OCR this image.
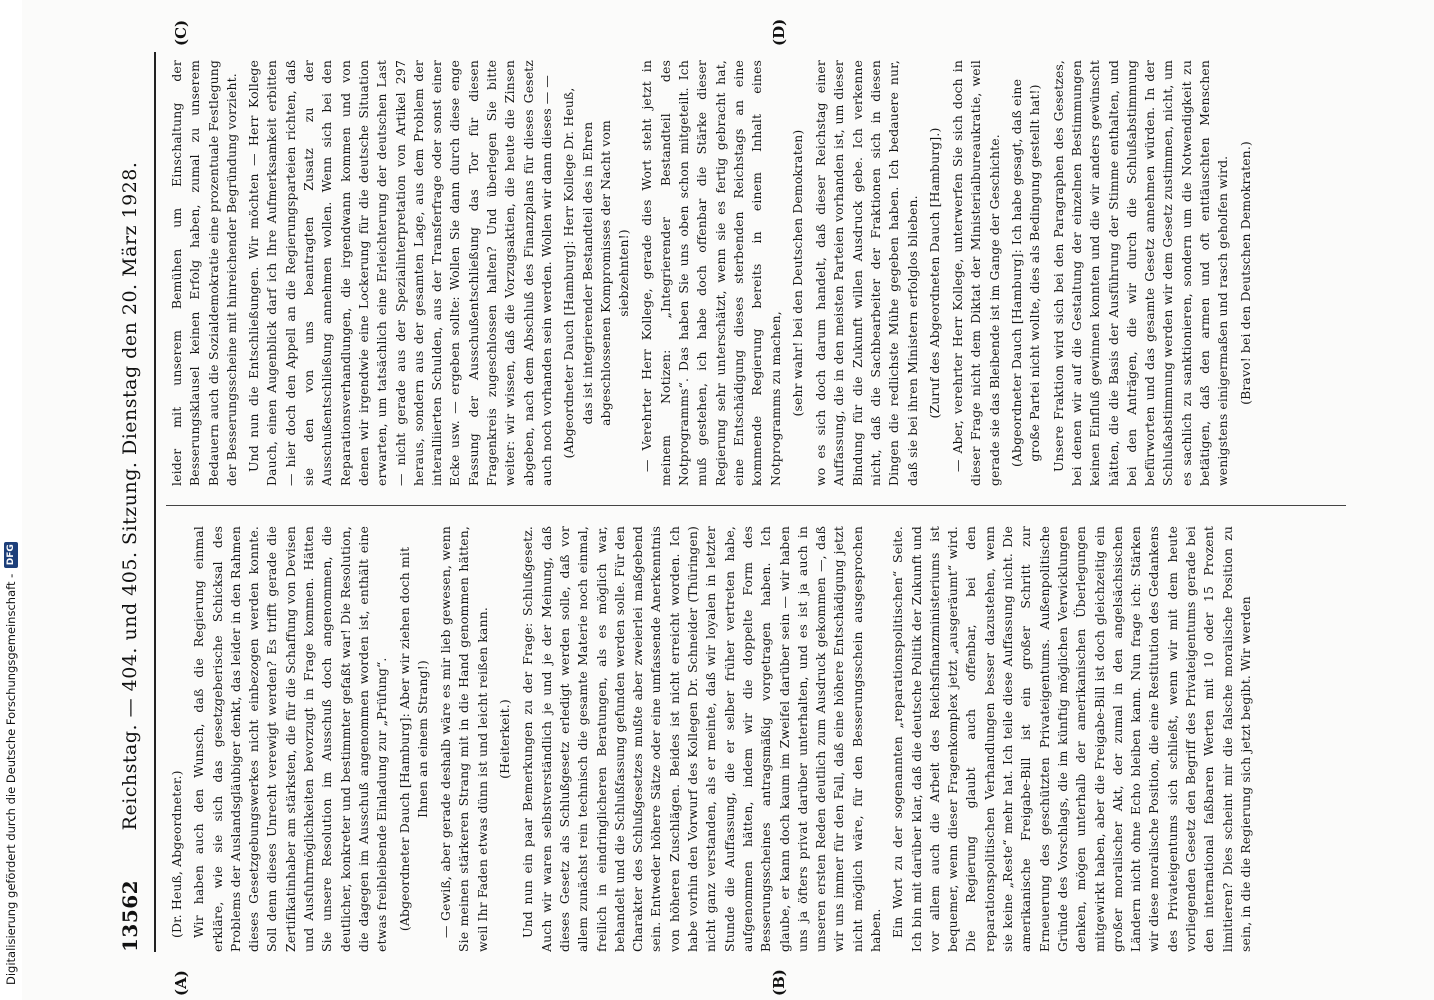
13562
Reichstag. — 404. und 405. Sitzung. Dienstag den 20. März 1928.
(A)	(B)
(C)	(D)

(Dr. Heuß, Abgeordneter.) Wir haben auch den Wunsch, daß die Regierung einmal erkläre, wie sie sich das gesetzgeberische Schicksal des Problems der Auslandsgläubiger denkt, das leider in den Rahmen dieses Gesetzgebungswerkes nicht einbezogen werden konnte. Soll denn dieses Unrecht verewigt werden? Es trifft gerade die Zertifikatinhaber am stärksten, die für die Schaffung von Devisen und Ausfuhrmöglichkeiten bevorzugt in Frage kommen. Hätten Sie unsere Resolution im Ausschuß doch angenommen, die deutlicher, konkreter und bestimmter gefaßt war! Die Resolution, die dagegen im Ausschuß angenommen worden ist, enthält eine etwas freibleibende Einladung zur „Prüfung“. (Abgeordneter Dauch [Hamburg]: Aber wir ziehen doch mit Ihnen an einem Strang!) — Gewiß, aber gerade deshalb wäre es mir lieb gewesen, wenn Sie meinen stärkeren Strang mit in die Hand genommen hätten, weil Ihr Faden etwas dünn ist und leicht reißen kann. (Heiterkeit.) Und nun ein paar Bemerkungen zu der Frage: Schlußgesetz. Auch wir waren selbstverständlich je und je der Meinung, daß dieses Gesetz als Schlußgesetz erledigt werden solle, daß vor allem zunächst rein technisch die gesamte Materie noch einmal, freilich in eindringlicheren Beratungen, als es möglich war, behandelt und die Schlußfassung gefunden werden solle. Für den Charakter des Schlußgesetzes mußte aber zweierlei maßgebend sein. Entweder höhere Sätze oder eine umfassende Anerkenntnis von höheren Zuschlägen. Beides ist nicht erreicht worden. Ich habe vorhin den Vorwurf des Kollegen Dr. Schneider (Thüringen) nicht ganz verstanden, als er meinte, daß wir loyalen in letzter Stunde die Auffassung, die er selber früher vertreten habe, aufgenommen hätten, indem wir die doppelte Form des Besserungsscheines antragsmäßig vorgetragen haben. Ich glaube, er kann doch kaum im Zweifel darüber sein — wir haben uns ja öfters privat darüber unterhalten, und es ist ja auch in unseren ersten Reden deutlich zum Ausdruck gekommen —, daß wir uns immer für den Fall, daß eine höhere Entschädigung jetzt nicht möglich wäre, für den Besserungsschein ausgesprochen haben. Ein Wort zu der sogenannten „reparationspolitischen“ Seite. Ich bin mit darüber klar, daß die deutsche Politik der Zukunft und vor allem auch die Arbeit des Reichsfinanzministeriums ist bequemer, wenn dieser Fragenkomplex jetzt „ausgeräumt“ wird. Die Regierung glaubt auch offenbar, bei den reparationspolitischen Verhandlungen besser dazustehen, wenn sie keine „Reste“ mehr hat. Ich teile diese Auffassung nicht. Die amerikanische Freigabe-Bill ist ein großer Schritt zur Erneuerung des geschützten Privateigentums. Außenpolitische Gründe des Vorschlags, die im künftig möglichen Verwicklungen denken, mögen unterhalb der amerikanischen Überlegungen mitgewirkt haben, aber die Freigabe-Bill ist doch gleichzeitig ein großer moralischer Akt, der zumal in den angelsächsischen Ländern nicht ohne Echo bleiben kann. Nun frage ich: Stärken wir diese moralische Position, die eine Restitution des Gedankens des Privateigentums sich schließt, wenn wir mit dem heute vorliegenden Gesetz den Begriff des Privateigentums gerade bei den international faßbaren Werten mit 10 oder 15 Prozent limitieren? Dies scheint mir die falsche moralische Position zu sein, in die die Regierung sich jetzt begibt. Wir werden

leider mit unserem Bemühen um Einschaltung der Besserungsklausel keinen Erfolg haben, zumal zu unserem Bedauern auch die Sozialdemokratie eine prozentuale Festlegung der Besserungsscheine mit hinreichender Begründung vorzieht. Und nun die Entschließungen. Wir möchten — Herr Kollege Dauch, einen Augenblick darf ich Ihre Aufmerksamkeit erbitten — hier doch den Appell an die Regierungsparteien richten, daß sie den von uns beantragten Zusatz zu der Ausschußentschließung annehmen wollen. Wenn sich bei den Reparationsverhandlungen, die irgendwann kommen und von denen wir irgendwie eine Lockerung für die deutsche Situation erwarten, um tatsächlich eine Erleichterung der deutschen Last — nicht gerade aus der Spezialinterpretation von Artikel 297 heraus, sondern aus der gesamten Lage, aus dem Problem der interalliierten Schulden, aus der Transferfrage oder sonst einer Ecke usw. — ergeben sollte: Wollen Sie dann durch diese enge Fassung der Ausschußentschließung das Tor für diesen Fragenkreis zugeschlossen halten? Und überlegen Sie bitte weiter: wir wissen, daß die Vorzugsaktien, die heute die Zinsen abgeben, nach dem Abschluß des Finanzplans für dieses Gesetz auch noch vorhanden sein werden. Wollen wir dann dieses — — (Abgeordneter Dauch [Hamburg]: Herr Kollege Dr. Heuß, das ist integrierender Bestandteil des in Ehren abgeschlossenen Kompromisses der Nacht vom siebzehnten!) — Verehrter Herr Kollege, gerade dies Wort steht jetzt in meinem Notizen: „Integrierender Bestandteil des Notprogramms“. Das haben Sie uns oben schon mitgeteilt. Ich muß gestehen, ich habe doch offenbar die Stärke dieser Regierung sehr unterschätzt, wenn sie es fertig gebracht hat, eine Entschädigung dieses sterbenden Reichstags an eine kommende Regierung bereits in einem Inhalt eines Notprogramms zu machen, (sehr wahr! bei den Deutschen Demokraten) wo es sich doch darum handelt, daß dieser Reichstag einer Auffassung, die in den meisten Parteien vorhanden ist, um dieser Bindung für die Zukunft willen Ausdruck gebe. Ich verkenne nicht, daß die Sachbearbeiter der Fraktionen sich in diesen Dingen die redlichste Mühe gegeben haben. Ich bedauere nur, daß sie bei ihren Ministern erfolglos blieben. (Zuruf des Abgeordneten Dauch [Hamburg].) — Aber, verehrter Herr Kollege, unterwerfen Sie sich doch in dieser Frage nicht dem Diktat der Ministerialbureaukratie, weil gerade sie das Bleibende ist im Gange der Geschichte. (Abgeordneter Dauch [Hamburg]: Ich habe gesagt, daß eine große Partei nicht wollte, dies als Bedingung gestellt hat!) Unsere Fraktion wird sich bei den Paragraphen des Gesetzes, bei denen wir auf die Gestaltung der einzelnen Bestimmungen keinen Einfluß gewinnen konnten und die wir anders gewünscht hätten, die die Basis der Ausführung der Stimme enthalten, und bei den Anträgen, die wir durch die Schlußabstimmung befürworten und das gesamte Gesetz annehmen würden. In der Schlußabstimmung werden wir dem Gesetz zustimmen, nicht, um es sachlich zu sanktionieren, sondern um die Notwendigkeit zu betätigen, daß den armen und oft enttäuschten Menschen wenigstens einigermaßen und rasch geholfen wird. (Bravo! bei den Deutschen Demokraten.)

Digitalisierung gefördert durch die Deutsche Forschungsgemeinschaft -
DFG
